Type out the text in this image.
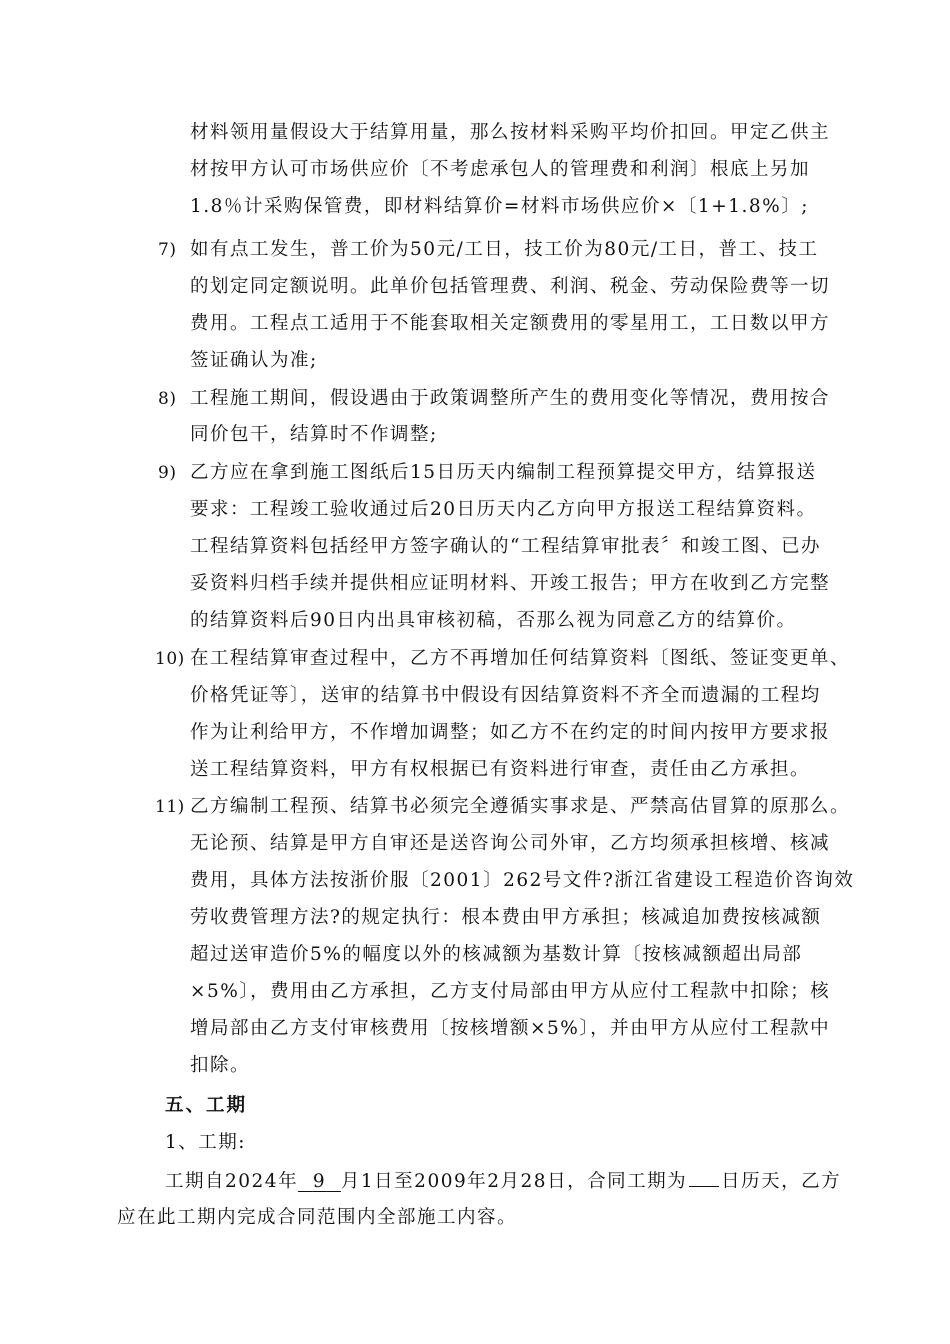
材料领用量假设大于结算用量，那么按材料采购平均价扣回。甲定乙供主
材按甲方认可市场供应价〔不考虑承包人的管理费和利润〕根底上另加
1.8％计采购保管费，即材料结算价=材料市场供应价×〔1+1.8%〕;
7) 如有点工发生，普工价为50元/工日，技工价为80元/工日，普工、技工
的划定同定额说明。此单价包括管理费、利润、税金、劳动保险费等一切
费用。工程点工适用于不能套取相关定额费用的零星用工，工日数以甲方
签证确认为准;
8) 工程施工期间，假设遇由于政策调整所产生的费用变化等情况，费用按合
同价包干，结算时不作调整;
9) 乙方应在拿到施工图纸后15日历天内编制工程预算提交甲方，结算报送
要求：工程竣工验收通过后20日历天内乙方向甲方报送工程结算资料。
工程结算资料包括经甲方签字确认的“工程结算审批表〞和竣工图、已办
妥资料归档手续并提供相应证明材料、开竣工报告；甲方在收到乙方完整
的结算资料后90日内出具审核初稿，否那么视为同意乙方的结算价。
10) 在工程结算审查过程中，乙方不再增加任何结算资料〔图纸、签证变更单、
价格凭证等〕，送审的结算书中假设有因结算资料不齐全而遗漏的工程均
作为让利给甲方，不作增加调整；如乙方不在约定的时间内按甲方要求报
送工程结算资料，甲方有权根据已有资料进行审查，责任由乙方承担。
11) 乙方编制工程预、结算书必须完全遵循实事求是、严禁高估冒算的原那么。
无论预、结算是甲方自审还是送咨询公司外审，乙方均须承担核增、核减
费用，具体方法按浙价服〔2001〕262号文件?浙江省建设工程造价咨询效
劳收费管理方法?的规定执行：根本费由甲方承担；核减追加费按核减额
超过送审造价5%的幅度以外的核减额为基数计算〔按核减额超出局部
×5%〕，费用由乙方承担，乙方支付局部由甲方从应付工程款中扣除；核
增局部由乙方支付审核费用〔按核增额×5%〕，并由甲方从应付工程款中
扣除。
五、工期
1、工期:
工期自2024年 9 月1日至2009年2月28日，合同工期为 日历天，乙方
应在此工期内完成合同范围内全部施工内容。
